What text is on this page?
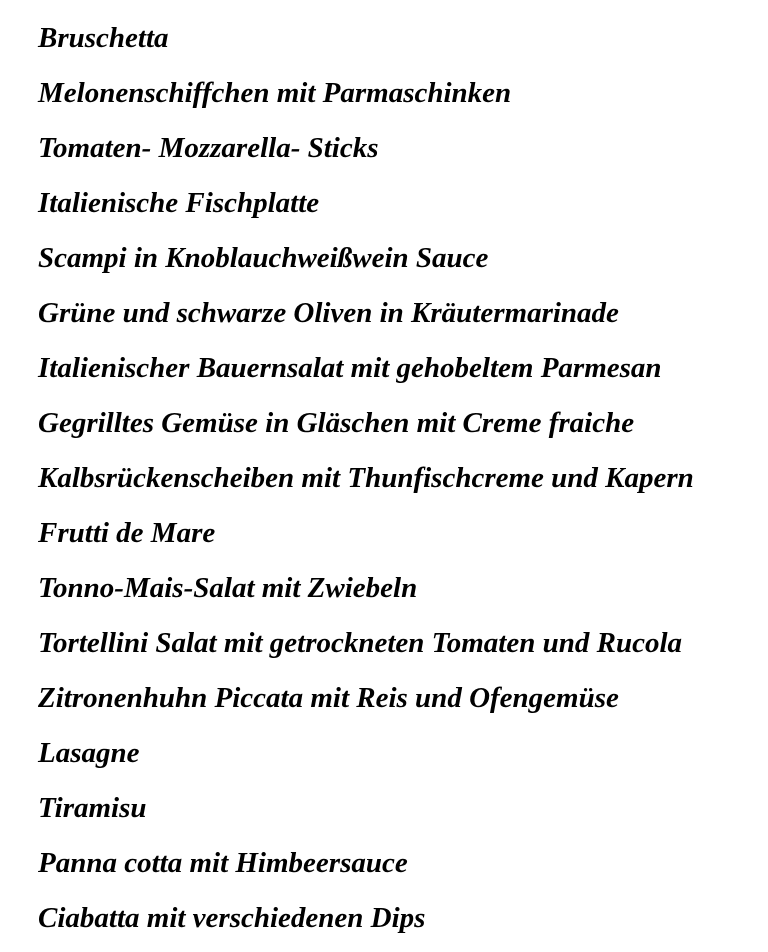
Bruschetta
Melonenschiffchen mit Parmaschinken
Tomaten- Mozzarella- Sticks
Italienische Fischplatte
Scampi in Knoblauchweißwein Sauce
Grüne und schwarze Oliven in Kräutermarinade
Italienischer Bauernsalat mit gehobeltem Parmesan
Gegrilltes Gemüse in Gläschen mit Creme fraiche
Kalbsrückenscheiben mit Thunfischcreme und Kapern
Frutti de Mare
Tonno-Mais-Salat mit Zwiebeln
Tortellini Salat mit getrockneten Tomaten und Rucola
Zitronenhuhn Piccata mit Reis und Ofengemüse
Lasagne
Tiramisu
Panna cotta mit Himbeersauce
Ciabatta mit verschiedenen Dips
